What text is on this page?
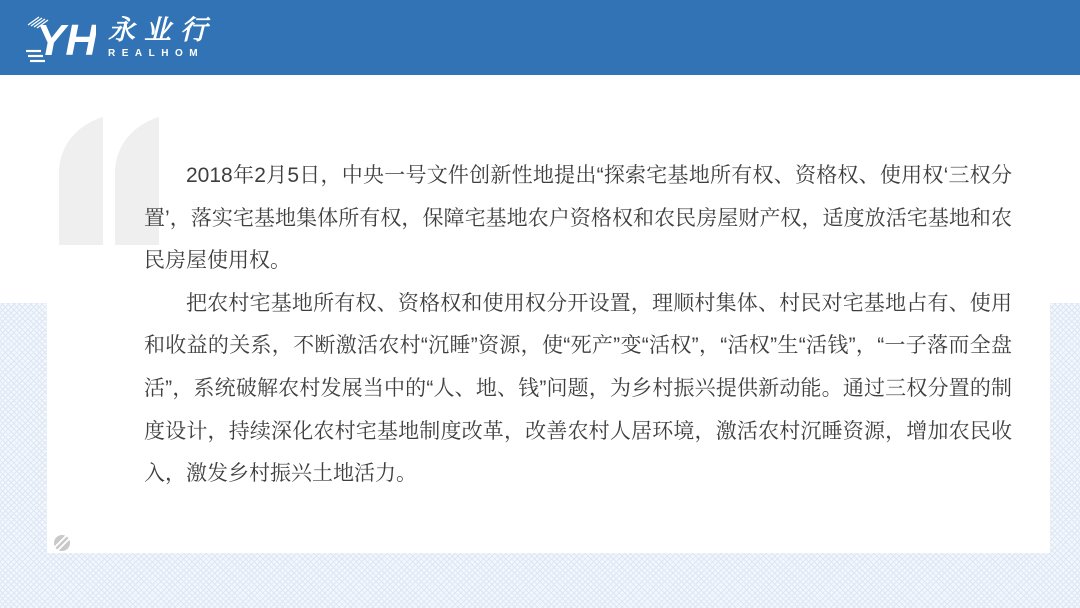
YH 永业行
REALHOM

2018年2月5日，中央一号文件创新性地提出“探索宅基地所有权、资格权、使用权‘三权分置’，落实宅基地集体所有权，保障宅基地农户资格权和农民房屋财产权，适度放活宅基地和农民房屋使用权。

把农村宅基地所有权、资格权和使用权分开设置，理顺村集体、村民对宅基地占有、使用和收益的关系，不断激活农村“沉睡”资源，使“死产”变“活权”，“活权”生“活钱”，“一子落而全盘活”，系统破解农村发展当中的“人、地、钱”问题，为乡村振兴提供新动能。通过三权分置的制度设计，持续深化农村宅基地制度改革，改善农村人居环境，激活农村沉睡资源，增加农民收入，激发乡村振兴土地活力。
